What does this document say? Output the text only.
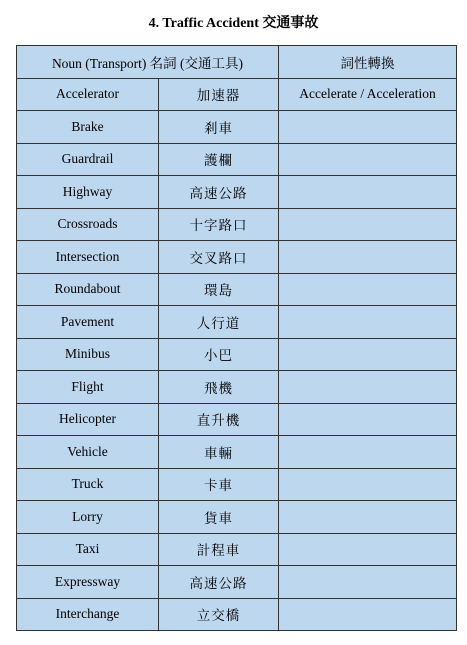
4. Traffic Accident 交通事故
Noun (Transport) 名詞 (交通工具)		詞性轉換
Accelerator	加速器	Accelerate / Acceleration
Brake	剎車	
Guardrail	護欄	
Highway	高速公路	
Crossroads	十字路口	
Intersection	交叉路口	
Roundabout	環島	
Pavement	人行道	
Minibus	小巴	
Flight	飛機	
Helicopter	直升機	
Vehicle	車輛	
Truck	卡車	
Lorry	貨車	
Taxi	計程車	
Expressway	高速公路	
Interchange	立交橋	
